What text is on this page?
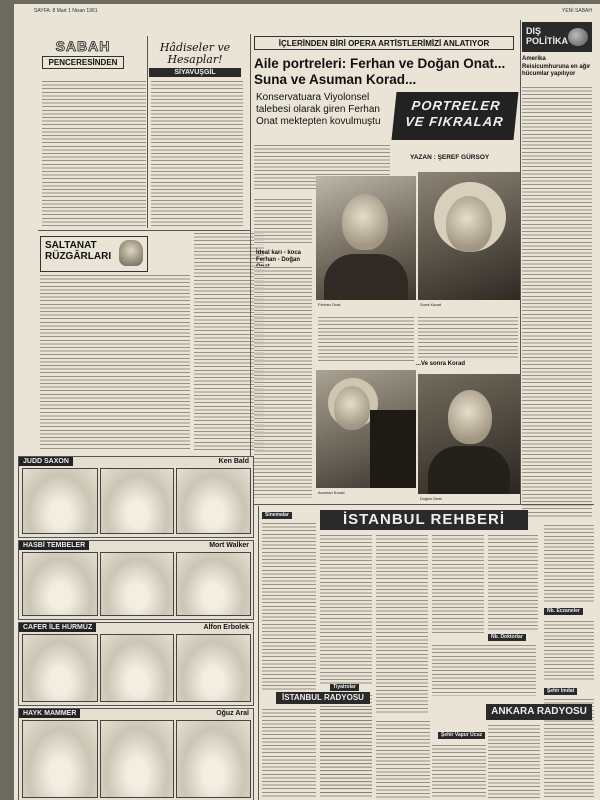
SAYFA: 8 Mart 1 Nisan 1961	YENİ SABAH
SABAH
PENCERESİNDEN
Hâdiseler ve Hesaplar!
SİYAVUŞGİL
SALTANAT RÜZGÂRLARI
İÇLERİNDEN BİRİ OPERA ARTİSTLERİMİZİ ANLATIYOR
Aile portreleri: Ferhan ve Doğan Onat... Suna ve Asuman Korad...
Konservatuara Viyolonsel talebesi olarak giren Ferhan Onat mektepten kovulmuştu
PORTRELER
VE FIKRALAR
YAZAN : ŞEREF GÜRSOY
Ferhan Onat	Suna Korad
İdeal karı - koca Ferhan - Doğan
...Ve sonra Korad
Asuman Korad
Doğan Onat
DIŞ POLİTİKA
Amerika Reisicumhuruna en ağır hücumlar yapılıyor
JUDD SAXON	Ken Bald
HASBİ TEMBELER	Mort Walker
CAFER İLE HÜRMÜZ	Alfon Erbolek
HAYK MAMMER	Oğuz Aral
İSTANBUL REHBERİ
Sinemalar
Tiyatrolar
Nb. Doktorlar
Nb. Eczaneler
Şehir İmdat
İSTANBUL RADYOSU
Şehir Vapur Ucuz
ANKARA RADYOSU
